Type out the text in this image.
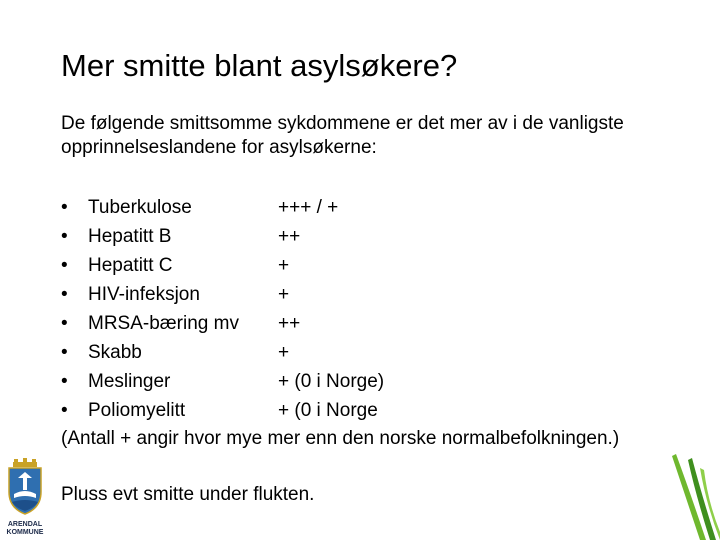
Mer smitte blant asylsøkere?
De følgende smittsomme sykdommene er det mer av i de vanligste opprinnelseslandene for asylsøkerne:
• Tuberkulose	+++ / +
• Hepatitt B	++
• Hepatitt C	+
• HIV-infeksjon	+
• MRSA-bæring mv ++
• Skabb	+
• Meslinger	+ (0 i Norge)
• Poliomyelitt	+ (0 i Norge
(Antall + angir hvor mye mer enn den norske normalbefolkningen.)
Pluss evt smitte under flukten.
ARENDAL
KOMMUNE
